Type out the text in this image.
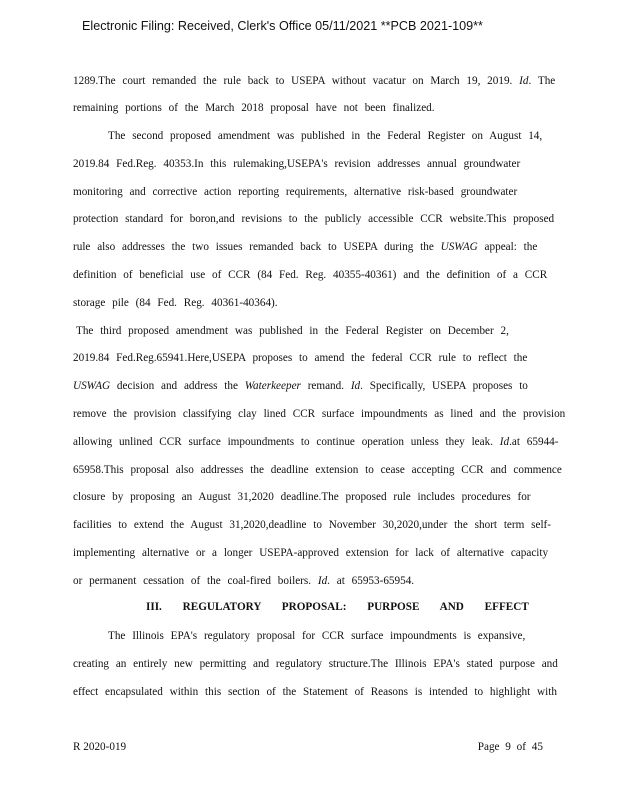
Electronic Filing: Received, Clerk's Office 05/11/2021 **PCB 2021-109**
1289.The court remanded the rule back to USEPA without vacatur on March 19, 2019. Id. The
remaining portions of the March 2018 proposal have not been finalized.
The second proposed amendment was published in the Federal Register on August 14,
2019.84 Fed.Reg. 40353.In this rulemaking,USEPA's revision addresses annual groundwater
monitoring and corrective action reporting requirements, alternative risk-based groundwater
protection standard for boron,and revisions to the publicly accessible CCR website.This proposed
rule also addresses the two issues remanded back to USEPA during the USWAG appeal: the
definition of beneficial use of CCR (84 Fed. Reg. 40355-40361) and the definition of a CCR
storage pile (84 Fed. Reg. 40361-40364).
The third proposed amendment was published in the Federal Register on December 2,
2019.84 Fed.Reg.65941.Here,USEPA proposes to amend the federal CCR rule to reflect the
USWAG decision and address the Waterkeeper remand. Id. Specifically, USEPA proposes to
remove the provision classifying clay lined CCR surface impoundments as lined and the provision
allowing unlined CCR surface impoundments to continue operation unless they leak. Id.at 65944-
65958.This proposal also addresses the deadline extension to cease accepting CCR and commence
closure by proposing an August 31,2020 deadline.The proposed rule includes procedures for
facilities to extend the August 31,2020,deadline to November 30,2020,under the short term self-
implementing alternative or a longer USEPA-approved extension for lack of alternative capacity
or permanent cessation of the coal-fired boilers. Id. at 65953-65954.
III. REGULATORY PROPOSAL: PURPOSE AND EFFECT
The Illinois EPA's regulatory proposal for CCR surface impoundments is expansive,
creating an entirely new permitting and regulatory structure.The Illinois EPA's stated purpose and
effect encapsulated within this section of the Statement of Reasons is intended to highlight with
R 2020-019	Page 9 of 45
